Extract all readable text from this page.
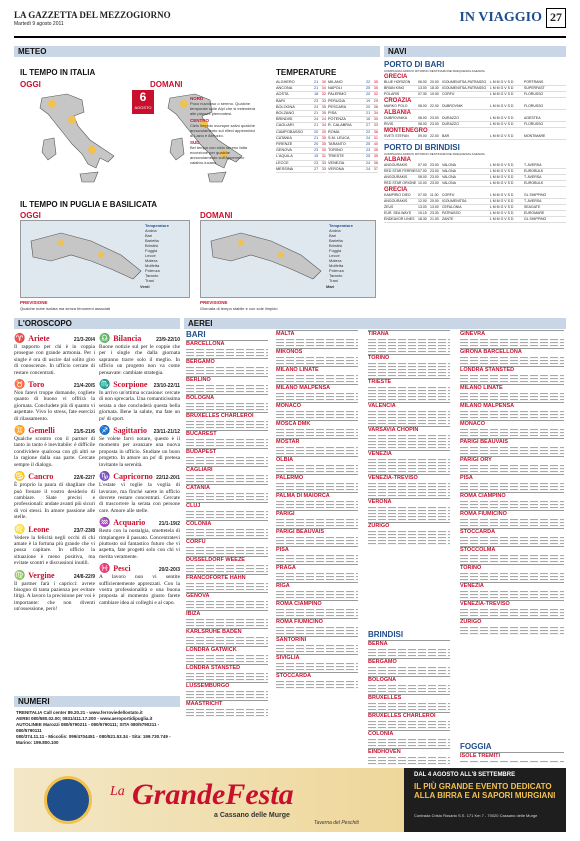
LA GAZZETTA DEL MEZZOGIORNO
Martedì 9 agosto 2011	IN VIAGGIO 27
METEO
IL TEMPO IN ITALIA
OGGI	DOMANI
6
AGOSTO
NORD
Poco nuvoloso o sereno. Qualche temporale sulle Alpi che si estenderà alle pianure piemontesi.
CENTRO
Cielo limpido ovunque salvo qualche annuvolamento sui rilievi appenninici di Lazio e Abruzzo.
SUD
Bel tempo con cielo sereno fatta eccezione per qualche annuvolamento sull'Appennino calabro-lucano.
TEMPERATURE
ALGHERO	21 30
ANCONA	21 34
AOSTA	18 32
BARI	23 33
BOLOGNA	24 35
BOLZANO	21 35
BRINDISI	24 24
CAGLIARI	21 34
CAMPOBASSO	20 30
CATANIA	21 35
FIRENZE	20 35
GENOVA	23 30
L'AQUILA	15 31
LECCE	23 33
MESSINA	27 33
MILANO	22 35
NAPOLI	25 35
PALERMO	20 32
PERUGIA	19 29
PESCARA	20 36
PISA	21 34
POTENZA	16 30
R. CALABRIA	27 33
ROMA	22 36
S.M. LEUCA	24 31
TARANTO	25 40
TORINO	23 35
TRIESTE	25 35
VENEZIA	24 36
VERONA	24 37
IL TEMPO IN PUGLIA E BASILICATA
OGGI	DOMANI
Temperature
Andria
Bari
Barletta
Brindisi
Foggia
Lecce
Matera
Molfetta
Potenza
Taranto
Trani
PREVISIONE
Qualche nube isolata ma senza fenomeni associati
Venti
Temperature
Andria
Bari
Barletta
Brindisi
Foggia
Lecce
Matera
Molfetta
Potenza
Taranto
Trani
PREVISIONE
Giornata di tempo stabile e con sole limpido
Mari
NAVI
PORTO DI BARI
COMPAGNIA ARRIVO RITORNO DESTINAZIONE FREQUENZA AGENZIA
GRECIA
BLUE HORIZON	06.00 20.00 IGOUMENITSA-PATRASSO	L M M G V S D	PORTRANS
BRIAN KING	13.00 18.30 IGOUMENITSA-PATRASSO	L M M G V S D	SUPERFAST
POLARIS	07.30 19.00 CORFÙ	L M M G V S D	FLORUSSO
CROAZIA
MARKO POLO	08.00 22.00 DUBROVNIK	L M M G V S D	FLORUSSO
ALBANIA
DUBROVNIKA	08.00 23.00 DURAZZO	L M M G V S D	AGESTEA
RIVIS	08.00 23.00 DURAZZO	L M M G V S D	FLORUSSO
MONTENEGRO
SVETI STEFAN	09.00 22.00 BAR	L M M G V S D	MONTIMARE
PORTO DI BRINDISI
COMPAGNIA ARRIVO RITORNO DESTINAZIONE FREQUENZA AGENZIA
ALBANIA
ANGOURAKIS	07.00 23.00 VALONA	L M M G V S D	T. AVERSA
RED STAR FERRIES 07.00 23.00 VALONA	L M M G V S D	EUROBULK
ANGOURAKIS	08.00 23.00 VALONA	L M M G V S D	T. AVERSA
RED STAR ORIONE 10.00 23.00 VALONA	L M M G V S D	EUROBULK
GRECIA
KAMPIRIO DIEO	07.00 11.00	CORFÙ	L M M G V S D	GL SHIPPING
ANGOURAKIS	12.00 20.00 IGOUMENITSA	L M M G V S D	T. AVERSA
ZEUS	13.00 13.00 CEFALONIA	L M M G V S D	SEAGATE
EUR. SEA WAYS	15.15 23.30 PATRASSO	L M M G V S D	EUROMARE
ENDEAVOR LINES	18.30 21.00 ZANTE	L M M G V S D	GL SHIPPING
L'OROSCOPO
♈ Ariete	21/3-20/4
Il rapporto per chi è in coppia prosegue con grande armonia. Per i single è ora di uscire dal solito giro di conoscenze. In ufficio cercate di restare concentrati.
♉ Toro	21/4-20/5
Non fatevi troppe domande, cogliete quanto di buono vi offrirà la giornata. Concludete più di quanto vi aspettate. Vivo lo stress, fate esercizi di rilassamento.
♊ Gemelli	21/5-21/6
Qualche scontro con il partner di tanto in tanto è inevitabile: è difficile condividere qualcosa con gli altri se la ragione dalla sua parte. Cercate sempre il dialogo.
♋ Cancro	22/6-22/7
È proprio la paura di sbagliare che può frenare il vostro desiderio di cambiare. Siate precisi e professionali: andate avanti più sicuri di voi stessi. In amore passione alle stelle.
♌ Leone	23/7-23/8
Vedere la felicità negli occhi di chi amate è la fortuna più grande che vi possa capitare. In ufficio la situazione è meno positiva, ma evitate scontri e discussioni inutili.
♍ Vergine	24/8-22/9
Il partner farà i capricci: avrete bisogno di tanta pazienza per evitare litigi. A lavoro la precisione per voi è importante: che non diventi un'ossessione, però!
♎ Bilancia	23/9-22/10
Buone notizie sul per le coppie che per i single che dalla giornata sapranno trarre solo il meglio. In ufficio un progetto non va come pensavate: cambiate strategia.
♏ Scorpione 23/10-22/11
In arrivo un'ottima occasione: cercate di non sprecarla. Una romanticissima serata a due concluderà questa bella giornata. Bene la salute, ma fate un po' di sport.
♐ Sagittario 23/11-21/12
Se volete farvi notare, questo è il momento per avanzare una nuova proposta in ufficio. Studiate un buon progetto. In amore un po' di pretesa invitante la serenità.
♑ Capricorno 22/12-20/1
L'estate vi toglie la voglia di lavorare, ma finché sarete in ufficio dovrete restare concentrati. Cercate di trascorrere la serata con persone care. Amore alle stelle.
♒ Acquario	21/1-19/2
Resto con la nostalgia, smettetela di rimpiangere il passato. Concentratevi piuttosto sul fantastico futuro che vi aspetta, fate progetti solo con chi vi merita veramente.
♓ Pesci	20/2-20/3
A lavoro non vi sentite sufficientemente apprezzati. Con la vostra professionalità e una buona proposta al momento giusto farete cambiare idea ai colleghi e al capo.
NUMERI
TRENITALIA Call center 89.20.21 - www.ferroviedellostato.it
AEREI 080/580.02.00; 0831/411.17.200 - www.aeroportidipuglia.it
AUTOLINEE Marozzi 080/5790211 - 080/5790111; SITA 080/5790211 - 080/5790111
080/374.11.11 - Miccolis: 099/4704451 - 080/521.53.34 - Sita: 199.730.749 - Marino: 199.800.100
AEREI
BARI
BARCELLONA
BERGAMO
BERLINO
BOLOGNA
BRUXELLES CHARLEROI
BUCAREST
BUDAPEST
CAGLIARI
CATANIA
CLUJ
COLONIA
CORFU
DUSSELDORF WEEZE
FRANCOFORTE HAHN
GENOVA
IBIZA
KARLSRUHE BADEN
LONDRA GATWICK
LONDRA STANSTED
LUSSEMBURGO
MAASTRICHT
MALTA
MIKONOS
MILANO LINATE
MILANO MALPENSA
MONACO
MOSCA DMK
MOSTAR
OLBIA
PALERMO
PALMA DI MAIORCA
PARIGI
PARIGI BEAUVAIS
PISA
PRAGA
RIGA
ROMA CIAMPINO
ROMA FIUMICINO
SANTORINI
SIVIGLIA
STOCCARDA
TIRANA
TORINO
TRIESTE
VALENCIA
VARSAVIA CHOPIN
VENEZIA
VENEZIA-TREVISO
VERONA
ZURIGO
BRINDISI
BERNA
BERGAMO
BOLOGNA
BRUXELLES
BRUXELLES CHARLEROI
COLONIA
EINDHOVEN
GINEVRA
GIRONA BARCELLONA
LONDRA STANSTED
MILANO LINATE
MILANO MALPENSA
MONACO
PARIGI BEAUVAIS
PARIGI ORY
PISA
ROMA CIAMPINO
ROMA FIUMICINO
STOCCARDA
STOCCOLMA
TORINO
VENEZIA
VENEZIA-TREVISO
ZURIGO
FOGGIA
ISOLE TREMITI
La GrandeFesta
a Cassano delle Murge
Taverna del Peschiti
DAL 4 AGOSTO ALL'8 SETTEMBRE
IL PIÙ GRANDE EVENTO DEDICATO ALLA BIRRA E AI SAPORI MURGIANI
Contrada Cristo Rosario S.S. 171 Km 7 - 70020 Cassano delle Murge
